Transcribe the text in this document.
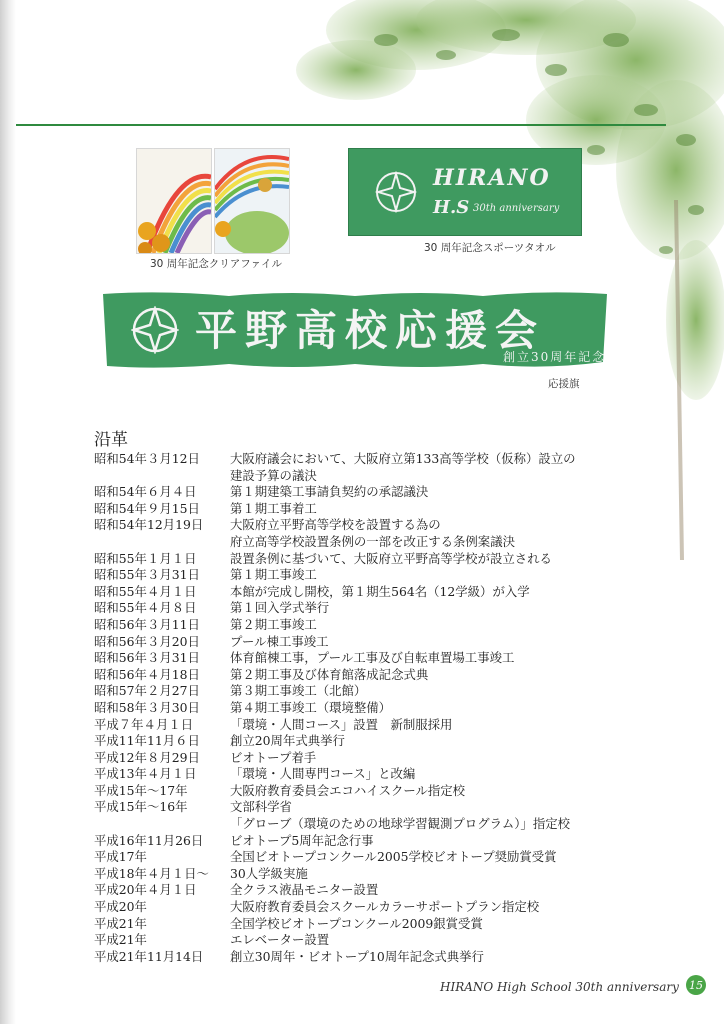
30 周年記念クリアファイル
HIRANO
H.S 30th anniversary
30 周年記念スポーツタオル
平野高校応援会
創立30周年記念
応援旗
沿革
昭和54年３月12日	大阪府議会において、大阪府立第133高等学校（仮称）設立の
建設予算の議決
昭和54年６月４日	第１期建築工事請負契約の承認議決
昭和54年９月15日	第１期工事着工
昭和54年12月19日	大阪府立平野高等学校を設置する為の
府立高等学校設置条例の一部を改正する条例案議決
昭和55年１月１日	設置条例に基づいて、大阪府立平野高等学校が設立される
昭和55年３月31日	第１期工事竣工
昭和55年４月１日	本館が完成し開校，第１期生564名（12学級）が入学
昭和55年４月８日	第１回入学式挙行
昭和56年３月11日	第２期工事竣工
昭和56年３月20日	プール棟工事竣工
昭和56年３月31日	体育館棟工事，プール工事及び自転車置場工事竣工
昭和56年４月18日	第２期工事及び体育館落成記念式典
昭和57年２月27日	第３期工事竣工（北館）
昭和58年３月30日	第４期工事竣工（環境整備）
平成７年４月１日	「環境・人間コース」設置　新制服採用
平成11年11月６日	創立20周年式典挙行
平成12年８月29日	ビオトープ着手
平成13年４月１日	「環境・人間専門コース」と改編
平成15年～17年	大阪府教育委員会エコハイスクール指定校
平成15年～16年	文部科学省
「グローブ（環境のための地球学習観測プログラム）」指定校
平成16年11月26日	ビオトープ5周年記念行事
平成17年	全国ビオトープコンクール2005学校ビオトープ奨励賞受賞
平成18年４月１日～	30人学級実施
平成20年４月１日	全クラス液晶モニター設置
平成20年	大阪府教育委員会スクールカラーサポートプラン指定校
平成21年	全国学校ビオトープコンクール2009銀賞受賞
平成21年	エレベーター設置
平成21年11月14日	創立30周年・ビオトープ10周年記念式典挙行
HIRANO High School 30th anniversary 15
